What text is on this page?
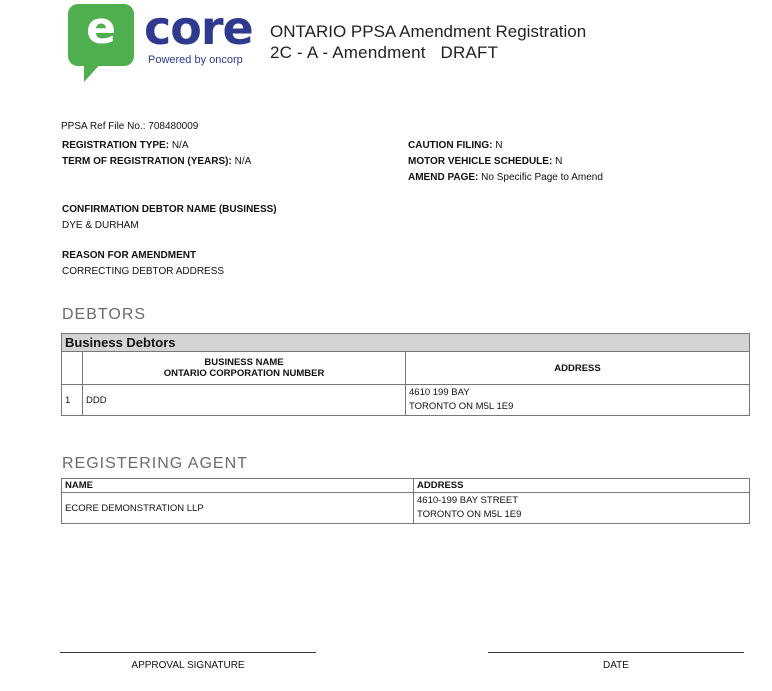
e core
Powered by oncorp
ONTARIO PPSA Amendment Registration
2C - A - Amendment   DRAFT
PPSA Ref File No.: 708480009
REGISTRATION TYPE: N/A
TERM OF REGISTRATION (YEARS): N/A
CAUTION FILING: N
MOTOR VEHICLE SCHEDULE: N
AMEND PAGE: No Specific Page to Amend
CONFIRMATION DEBTOR NAME (BUSINESS)
DYE & DURHAM
REASON FOR AMENDMENT
CORRECTING DEBTOR ADDRESS
DEBTORS
Business Debtors		

	BUSINESS NAME
ONTARIO CORPORATION NUMBER	ADDRESS
1	DDD	4610 199 BAY
TORONTO ON M5L 1E9
REGISTERING AGENT
NAME	ADDRESS
ECORE DEMONSTRATION LLP	4610-199 BAY STREET
TORONTO ON M5L 1E9
APPROVAL SIGNATURE	DATE
